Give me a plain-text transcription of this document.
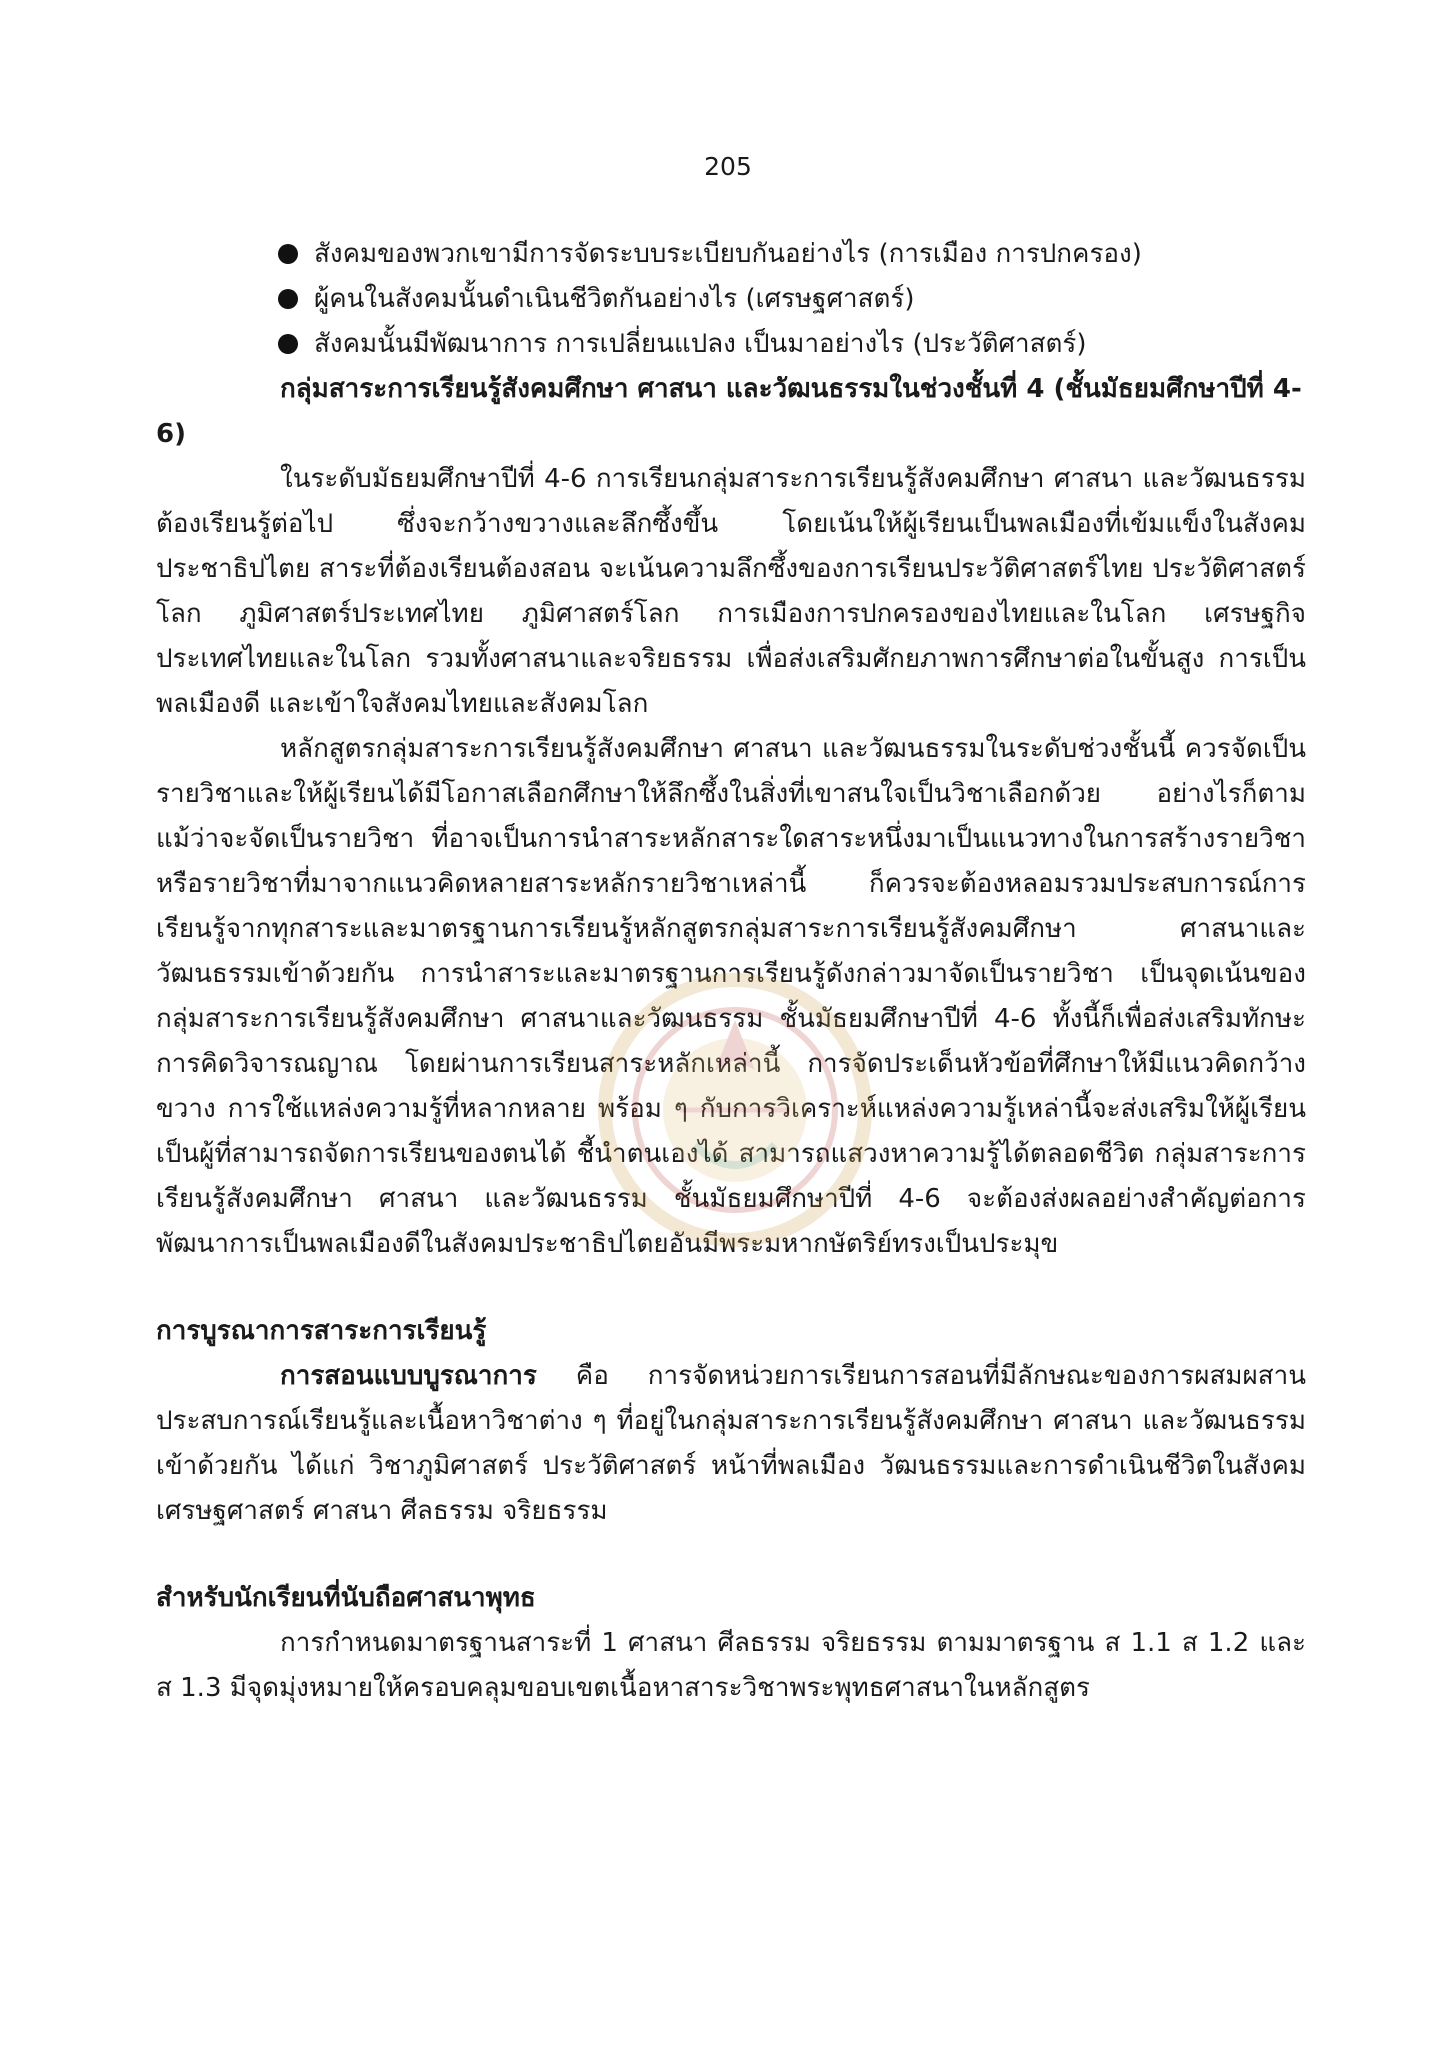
205
สังคมของพวกเขามีการจัดระบบระเบียบกันอย่างไร (การเมือง การปกครอง)
ผู้คนในสังคมนั้นดำเนินชีวิตกันอย่างไร (เศรษฐศาสตร์)
สังคมนั้นมีพัฒนาการ การเปลี่ยนแปลง เป็นมาอย่างไร (ประวัติศาสตร์)

กลุ่มสาระการเรียนรู้สังคมศึกษา ศาสนา และวัฒนธรรมในช่วงชั้นที่ 4 (ชั้นมัธยมศึกษาปีที่ 4-6)

ในระดับมัธยมศึกษาปีที่ 4-6 การเรียนกลุ่มสาระการเรียนรู้สังคมศึกษา ศาสนา และวัฒนธรรมต้องเรียนรู้ต่อไป ซึ่งจะกว้างขวางและลึกซึ้งขึ้น โดยเน้นให้ผู้เรียนเป็นพลเมืองที่เข้มแข็งในสังคมประชาธิปไตย สาระที่ต้องเรียนต้องสอน จะเน้นความลึกซึ้งของการเรียนประวัติศาสตร์ไทย ประวัติศาสตร์โลก ภูมิศาสตร์ประเทศไทย ภูมิศาสตร์โลก การเมืองการปกครองของไทยและในโลก เศรษฐกิจประเทศไทยและในโลก รวมทั้งศาสนาและจริยธรรม เพื่อส่งเสริมศักยภาพการศึกษาต่อในขั้นสูง การเป็นพลเมืองดี และเข้าใจสังคมไทยและสังคมโลก

หลักสูตรกลุ่มสาระการเรียนรู้สังคมศึกษา ศาสนา และวัฒนธรรมในระดับช่วงชั้นนี้ ควรจัดเป็นรายวิชาและให้ผู้เรียนได้มีโอกาสเลือกศึกษาให้ลึกซึ้งในสิ่งที่เขาสนใจเป็นวิชาเลือกด้วย อย่างไรก็ตาม แม้ว่าจะจัดเป็นรายวิชา ที่อาจเป็นการนำสาระหลักสาระใดสาระหนึ่งมาเป็นแนวทางในการสร้างรายวิชา หรือรายวิชาที่มาจากแนวคิดหลายสาระหลักรายวิชาเหล่านี้ ก็ควรจะต้องหลอมรวมประสบการณ์การเรียนรู้จากทุกสาระและมาตรฐานการเรียนรู้หลักสูตรกลุ่มสาระการเรียนรู้สังคมศึกษา ศาสนาและ วัฒนธรรมเข้าด้วยกัน การนำสาระและมาตรฐานการเรียนรู้ดังกล่าวมาจัดเป็นรายวิชา เป็นจุดเน้นของกลุ่มสาระการเรียนรู้สังคมศึกษา ศาสนาและวัฒนธรรม ชั้นมัธยมศึกษาปีที่ 4-6 ทั้งนี้ก็เพื่อส่งเสริมทักษะการคิดวิจารณญาณ โดยผ่านการเรียนสาระหลักเหล่านี้ การจัดประเด็นหัวข้อที่ศึกษาให้มีแนวคิดกว้างขวาง การใช้แหล่งความรู้ที่หลากหลาย พร้อม ๆ กับการวิเคราะห์แหล่งความรู้เหล่านี้จะส่งเสริมให้ผู้เรียนเป็นผู้ที่สามารถจัดการเรียนของตนได้ ชี้นำตนเองได้ สามารถแสวงหาความรู้ได้ตลอดชีวิต กลุ่มสาระการเรียนรู้สังคมศึกษา ศาสนา และวัฒนธรรม ชั้นมัธยมศึกษาปีที่ 4-6 จะต้องส่งผลอย่างสำคัญต่อการพัฒนาการเป็นพลเมืองดีในสังคมประชาธิปไตยอันมีพระมหากษัตริย์ทรงเป็นประมุข

การบูรณาการสาระการเรียนรู้

การสอนแบบบูรณาการ คือ การจัดหน่วยการเรียนการสอนที่มีลักษณะของการผสมผสานประสบการณ์เรียนรู้และเนื้อหาวิชาต่าง ๆ ที่อยู่ในกลุ่มสาระการเรียนรู้สังคมศึกษา ศาสนา และวัฒนธรรม เข้าด้วยกัน ได้แก่ วิชาภูมิศาสตร์ ประวัติศาสตร์ หน้าที่พลเมือง วัฒนธรรมและการดำเนินชีวิตในสังคม เศรษฐศาสตร์ ศาสนา ศีลธรรม จริยธรรม

สำหรับนักเรียนที่นับถือศาสนาพุทธ

การกำหนดมาตรฐานสาระที่ 1 ศาสนา ศีลธรรม จริยธรรม ตามมาตรฐาน ส 1.1 ส 1.2 และ ส 1.3 มีจุดมุ่งหมายให้ครอบคลุมขอบเขตเนื้อหาสาระวิชาพระพุทธศาสนาในหลักสูตร
